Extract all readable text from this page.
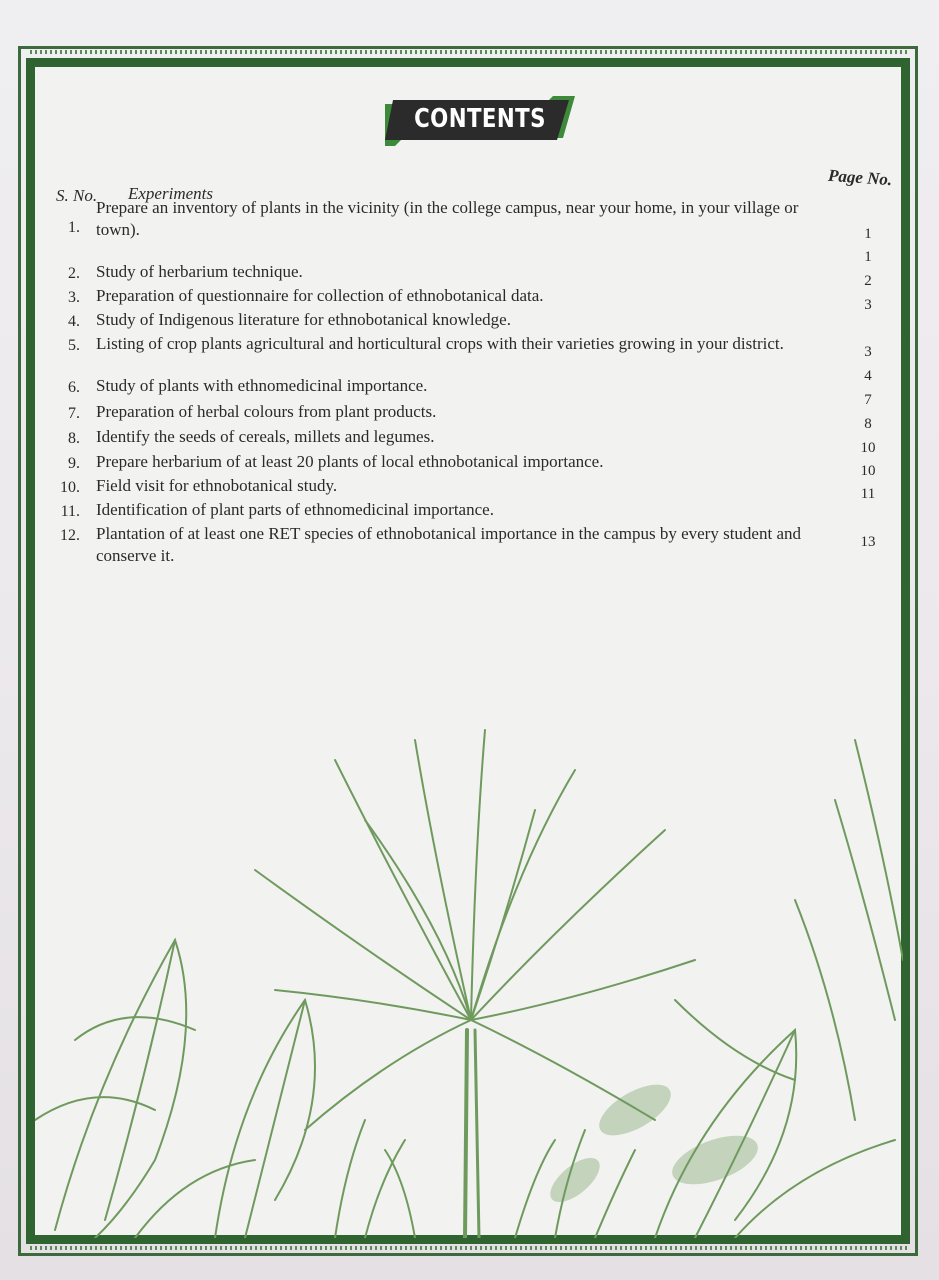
CONTENTS
S. No. Experiments
Page No.
1.
Prepare an inventory of plants in the vicinity (in the college campus, near your home, in your village or town).
2. Study of herbarium technique.
3. Preparation of questionnaire for collection of ethnobotanical data.
4. Study of Indigenous literature for ethnobotanical knowledge.
5. Listing of crop plants agricultural and horticultural crops with their varieties growing in your district.
6. Study of plants with ethnomedicinal importance.
7. Preparation of herbal colours from plant products.
8. Identify the seeds of cereals, millets and legumes.
9. Prepare herbarium of at least 20 plants of local ethnobotanical importance.
10. Field visit for ethnobotanical study.
11. Identification of plant parts of ethnomedicinal importance.
12. Plantation of at least one RET species of ethnobotanical importance in the campus by every student and conserve it.
1
1
2
3
3
4
7
8
10
10
11
13
